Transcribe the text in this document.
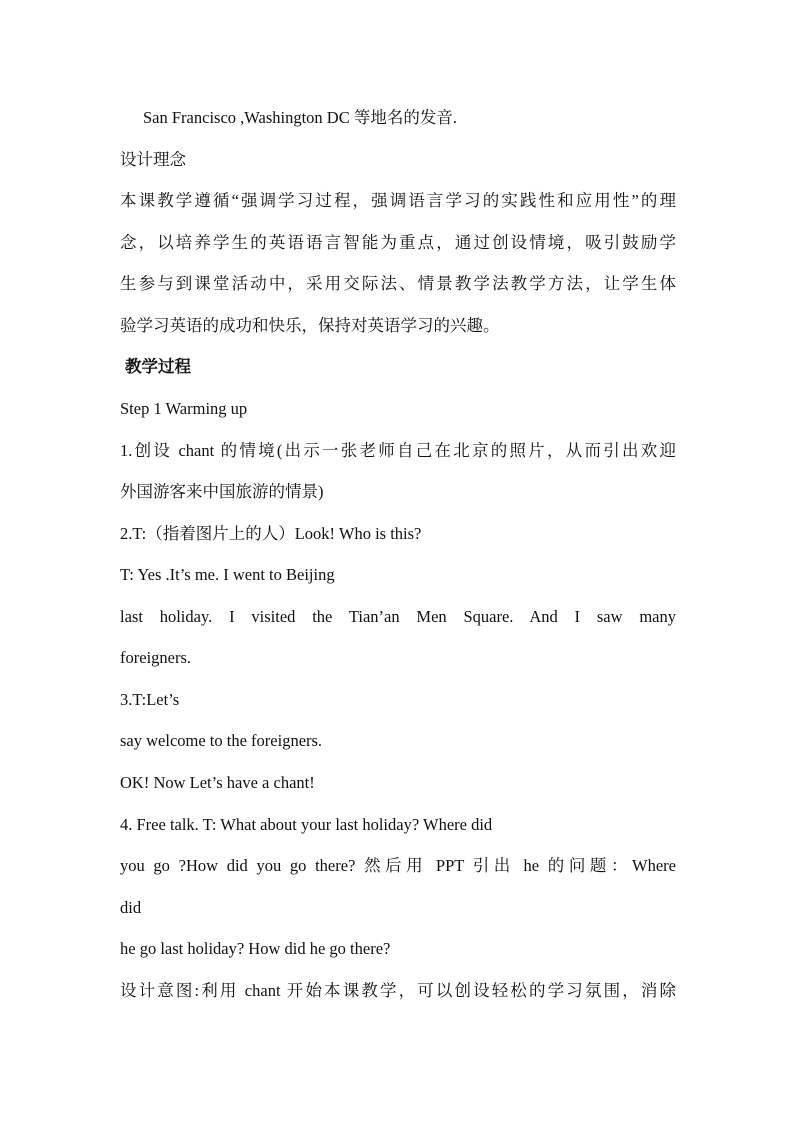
San Francisco ,Washington DC 等地名的发音.
设计理念
本课教学遵循“强调学习过程，强调语言学习的实践性和应用性”的理
念，以培养学生的英语语言智能为重点，通过创设情境，吸引鼓励学
生参与到课堂活动中，采用交际法、情景教学法教学方法，让学生体
验学习英语的成功和快乐，保持对英语学习的兴趣。
教学过程
Step 1 Warming up
1.创设 chant 的情境(出示一张老师自己在北京的照片，从而引出欢迎
外国游客来中国旅游的情景)
2.T:（指着图片上的人）Look! Who is this?
T: Yes .It’s me. I went to Beijing
last holiday. I visited the Tian’an Men Square. And I saw many
foreigners.
3.T:Let’s
say welcome to the foreigners.
OK! Now Let’s have a chant!
4. Free talk. T: What about your last holiday? Where did
you go ?How did you go there? 然后用 PPT 引出 he 的问题：Where
did
he go last holiday? How did he go there?
设计意图:利用 chant 开始本课教学，可以创设轻松的学习氛围，消除
